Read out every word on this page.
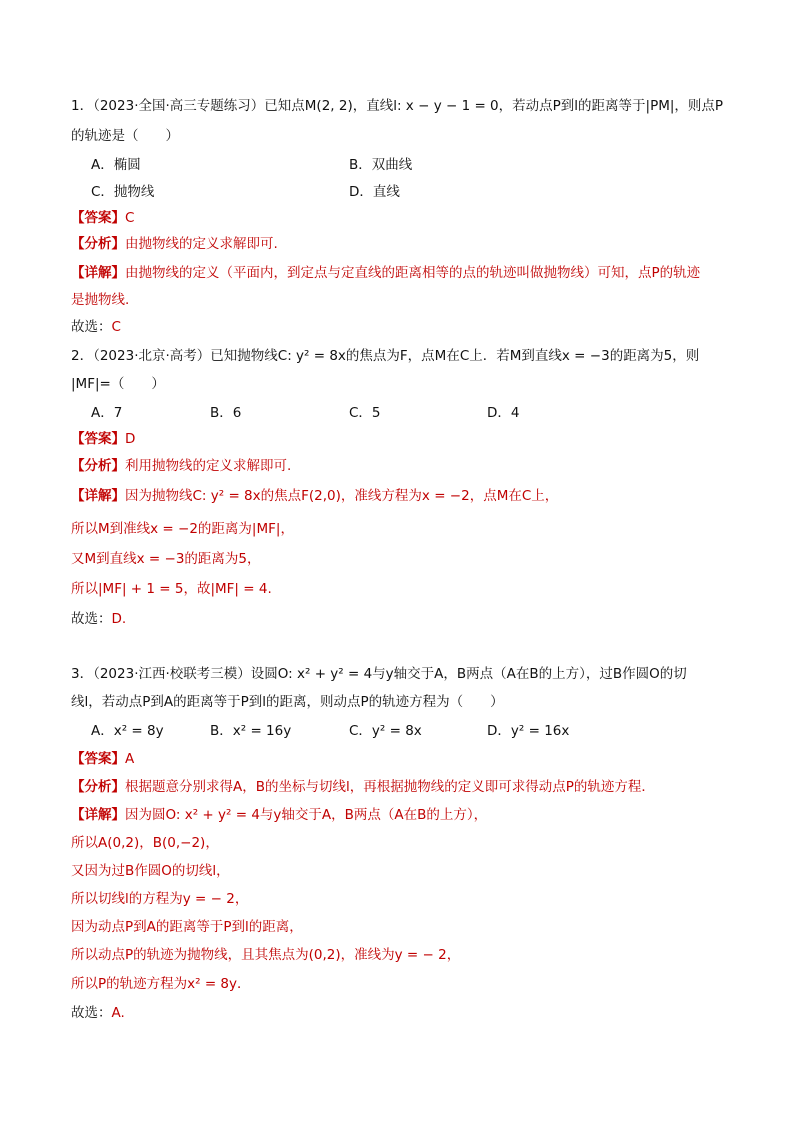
1．（2023·全国·高三专题练习）已知点M(2, 2)，直线l: x − y − 1 = 0，若动点P到l的距离等于|PM|，则点P
的轨迹是（　　）
A．椭圆	B．双曲线
C．抛物线	D．直线
【答案】C
【分析】由抛物线的定义求解即可.
【详解】由抛物线的定义（平面内，到定点与定直线的距离相等的点的轨迹叫做抛物线）可知，点P的轨迹
是抛物线.
故选：C
2．（2023·北京·高考）已知抛物线C: y² = 8x的焦点为F，点M在C上．若M到直线x = −3的距离为5，则
|MF|=（　　）
A．7	B．6	C．5	D．4
【答案】D
【分析】利用抛物线的定义求解即可.
【详解】因为抛物线C: y² = 8x的焦点F(2,0)，准线方程为x = −2，点M在C上，
所以M到准线x = −2的距离为|MF|，
又M到直线x = −3的距离为5，
所以|MF| + 1 = 5，故|MF| = 4.
故选：D.
3．（2023·江西·校联考三模）设圆O: x² + y² = 4与y轴交于A，B两点（A在B的上方），过B作圆O的切
线l，若动点P到A的距离等于P到l的距离，则动点P的轨迹方程为（　　）
A．x² = 8y	B．x² = 16y	C．y² = 8x	D．y² = 16x
【答案】A
【分析】根据题意分别求得A，B的坐标与切线l，再根据抛物线的定义即可求得动点P的轨迹方程．
【详解】因为圆O: x² + y² = 4与y轴交于A，B两点（A在B的上方），
所以A(0,2)，B(0,−2)，
又因为过B作圆O的切线l，
所以切线l的方程为y = − 2，
因为动点P到A的距离等于P到l的距离，
所以动点P的轨迹为抛物线，且其焦点为(0,2)，准线为y = − 2，
所以P的轨迹方程为x² = 8y．
故选：A.
